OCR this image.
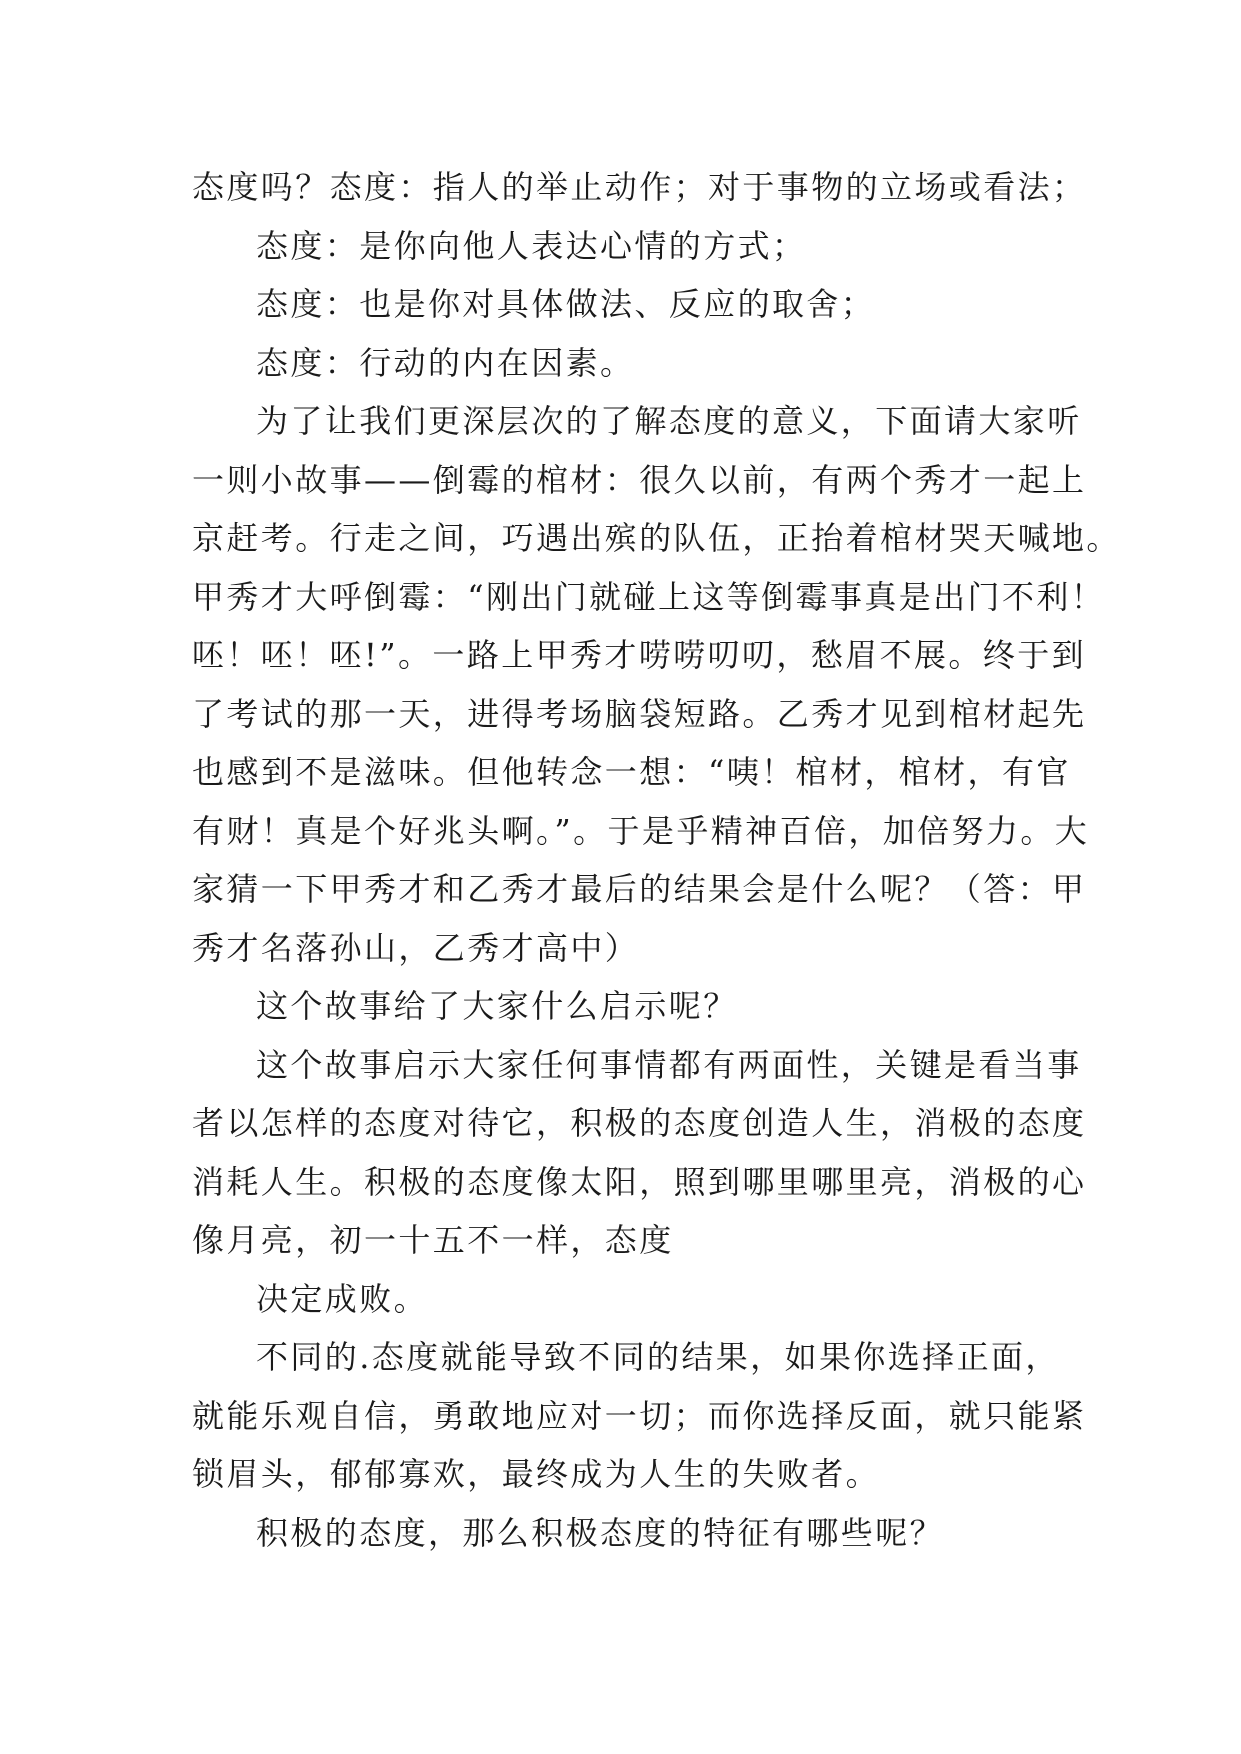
态度吗？态度：指人的举止动作；对于事物的立场或看法；
态度：是你向他人表达心情的方式；
态度：也是你对具体做法、反应的取舍；
态度：行动的内在因素。
为了让我们更深层次的了解态度的意义，下面请大家听
一则小故事——倒霉的棺材：很久以前，有两个秀才一起上
京赶考。行走之间，巧遇出殡的队伍，正抬着棺材哭天喊地。
甲秀才大呼倒霉：“刚出门就碰上这等倒霉事真是出门不利！
呸！呸！呸!”。一路上甲秀才唠唠叨叨，愁眉不展。终于到
了考试的那一天，进得考场脑袋短路。乙秀才见到棺材起先
也感到不是滋味。但他转念一想：“咦！棺材，棺材，有官
有财！真是个好兆头啊。”。于是乎精神百倍，加倍努力。大
家猜一下甲秀才和乙秀才最后的结果会是什么呢？（答：甲
秀才名落孙山，乙秀才高中）
这个故事给了大家什么启示呢？
这个故事启示大家任何事情都有两面性，关键是看当事
者以怎样的态度对待它，积极的态度创造人生，消极的态度
消耗人生。积极的态度像太阳，照到哪里哪里亮，消极的心
像月亮，初一十五不一样，态度
决定成败。
不同的.态度就能导致不同的结果，如果你选择正面，
就能乐观自信，勇敢地应对一切；而你选择反面，就只能紧
锁眉头，郁郁寡欢，最终成为人生的失败者。
积极的态度，那么积极态度的特征有哪些呢？
